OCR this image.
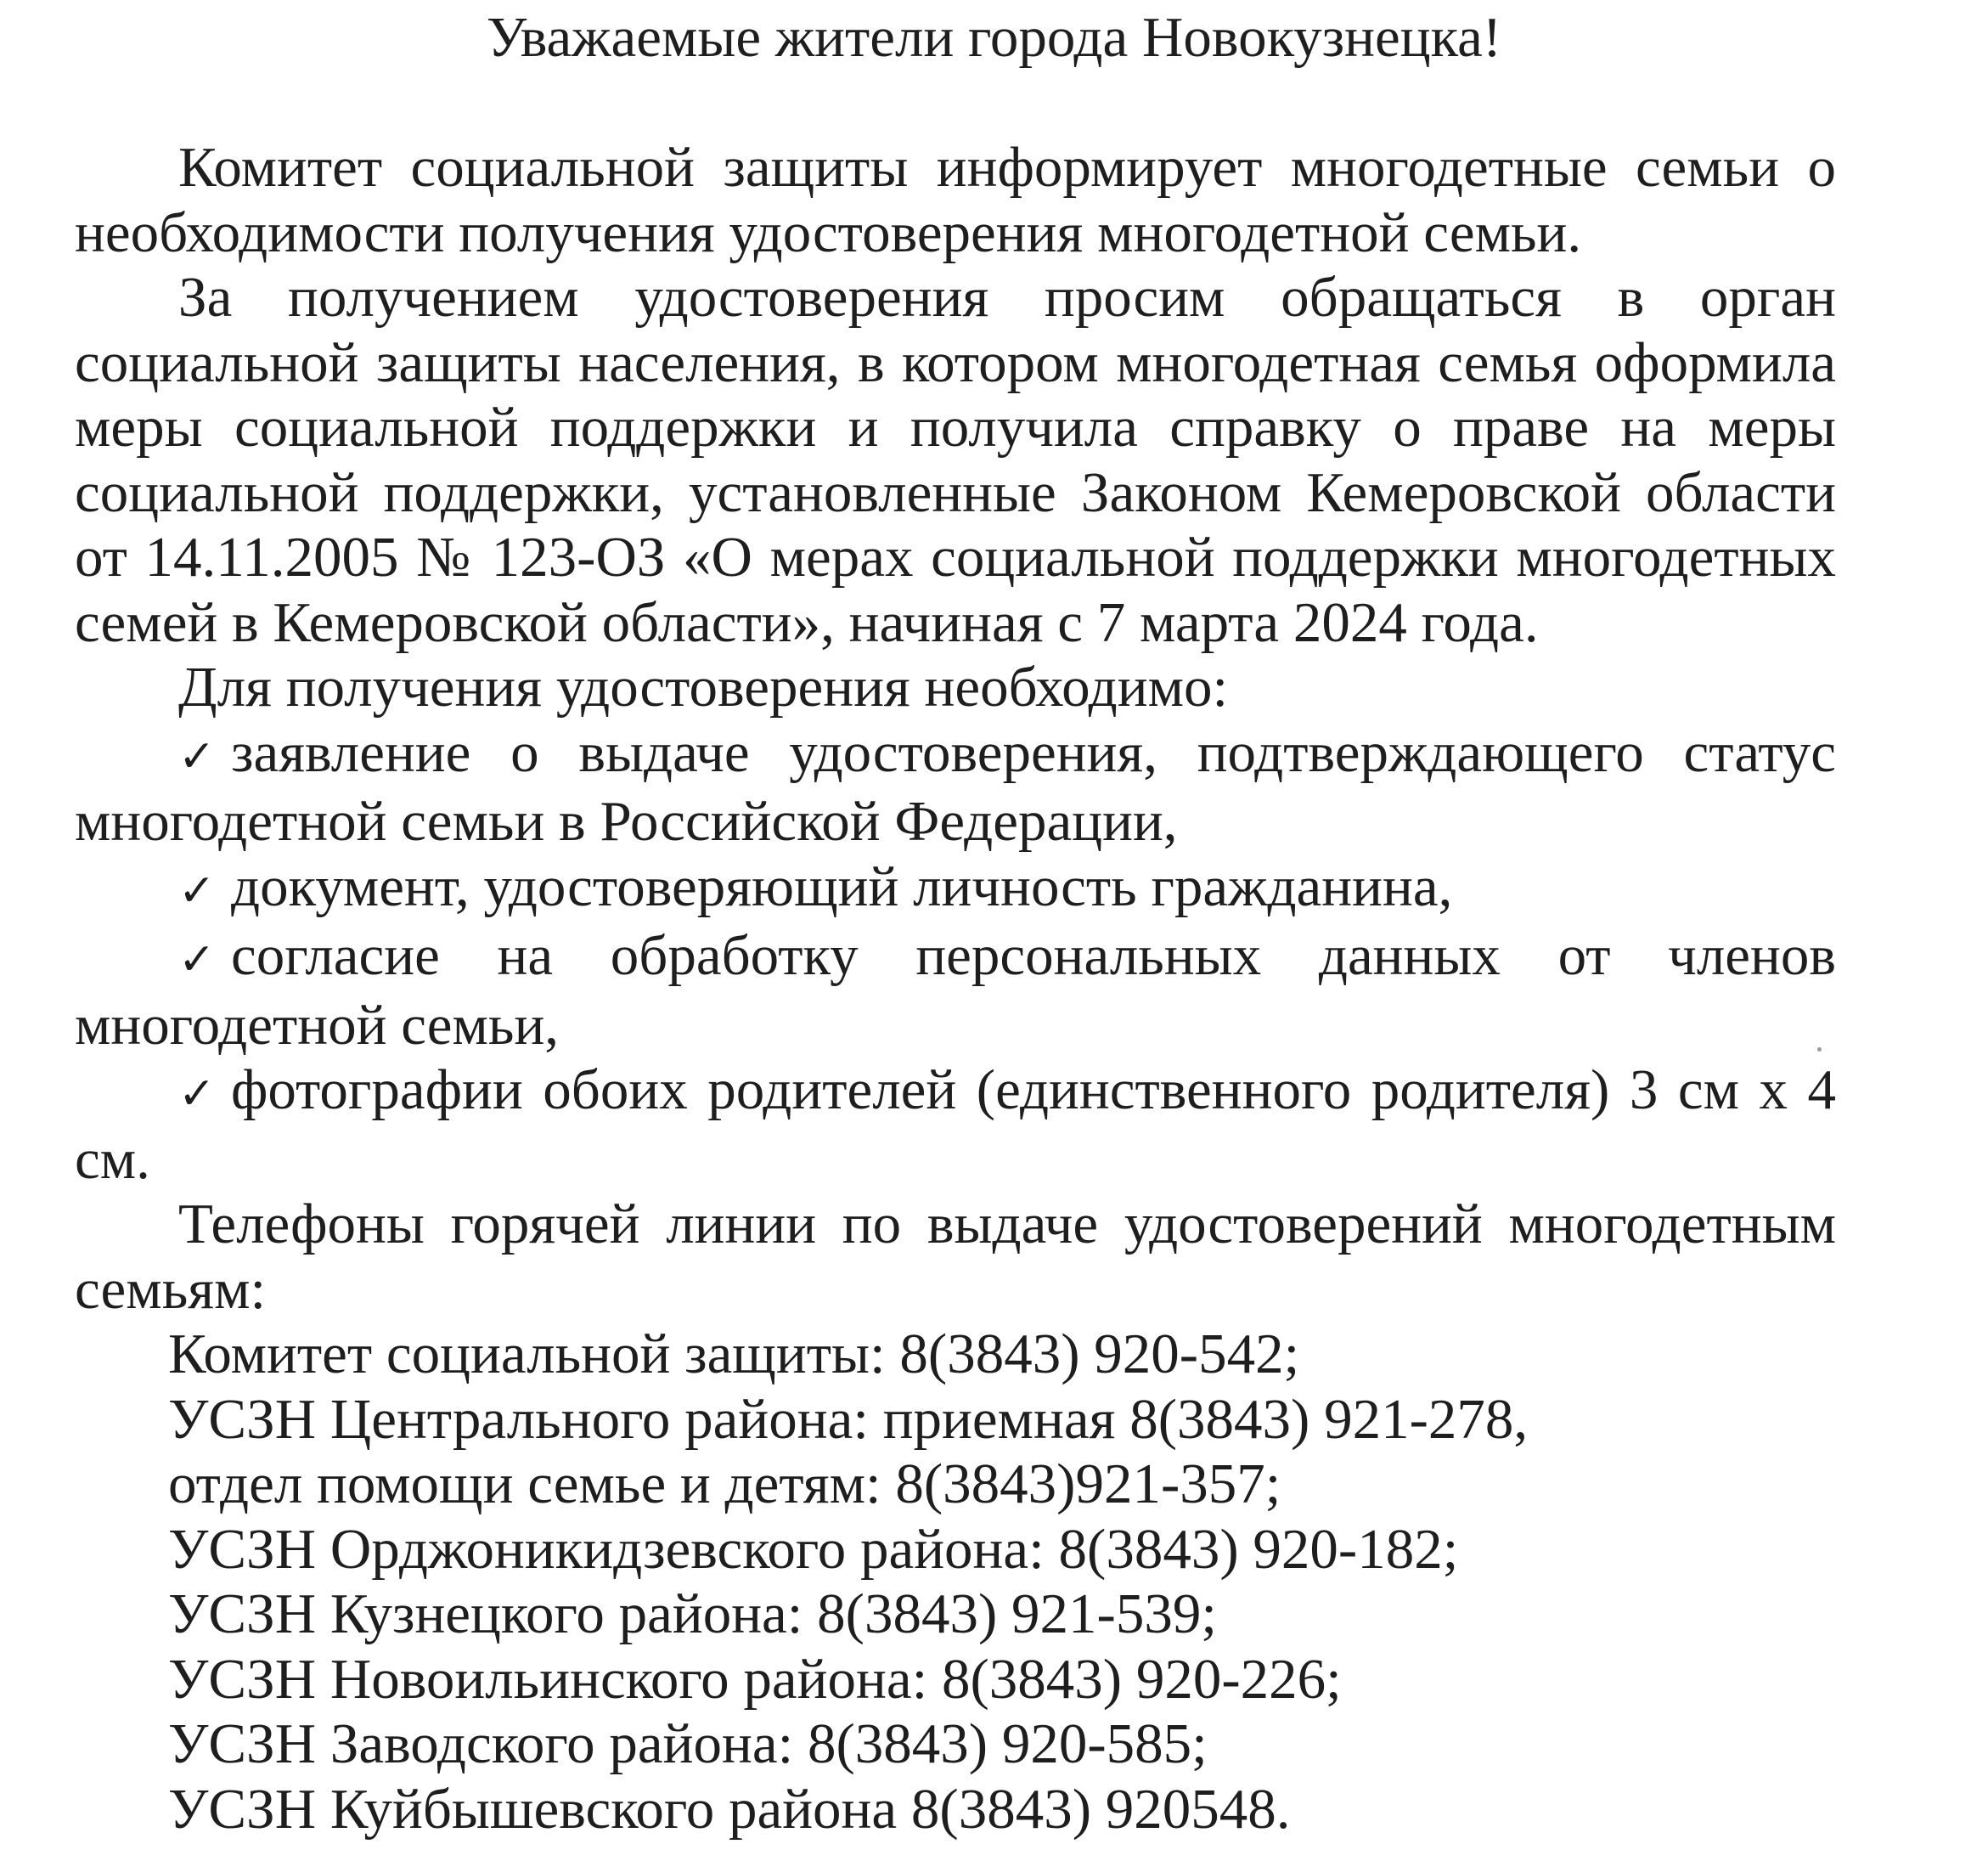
Уважаемые жители города Новокузнецка!

Комитет социальной защиты информирует многодетные семьи о необходимости получения удостоверения многодетной семьи.

За получением удостоверения просим обращаться в орган социальной защиты населения, в котором многодетная семья оформила меры социальной поддержки и получила справку о праве на меры социальной поддержки, установленные Законом Кемеровской области от 14.11.2005 № 123-ОЗ «О мерах социальной поддержки многодетных семей в Кемеровской области», начиная с 7 марта 2024 года.

Для получения удостоверения необходимо:

✓ заявление о выдаче удостоверения, подтверждающего статус многодетной семьи в Российской Федерации,

✓ документ, удостоверяющий личность гражданина,

✓ согласие на обработку персональных данных от членов многодетной семьи,

✓ фотографии обоих родителей (единственного родителя) 3 см х 4 см.

Телефоны горячей линии по выдаче удостоверений многодетным семьям:

Комитет социальной защиты: 8(3843) 920-542;

УСЗН Центрального района: приемная 8(3843) 921-278,

отдел помощи семье и детям: 8(3843)921-357;

УСЗН Орджоникидзевского района: 8(3843) 920-182;

УСЗН Кузнецкого района: 8(3843) 921-539;

УСЗН Новоильинского района: 8(3843) 920-226;

УСЗН Заводского района: 8(3843) 920-585;

УСЗН Куйбышевского района 8(3843) 920548.
